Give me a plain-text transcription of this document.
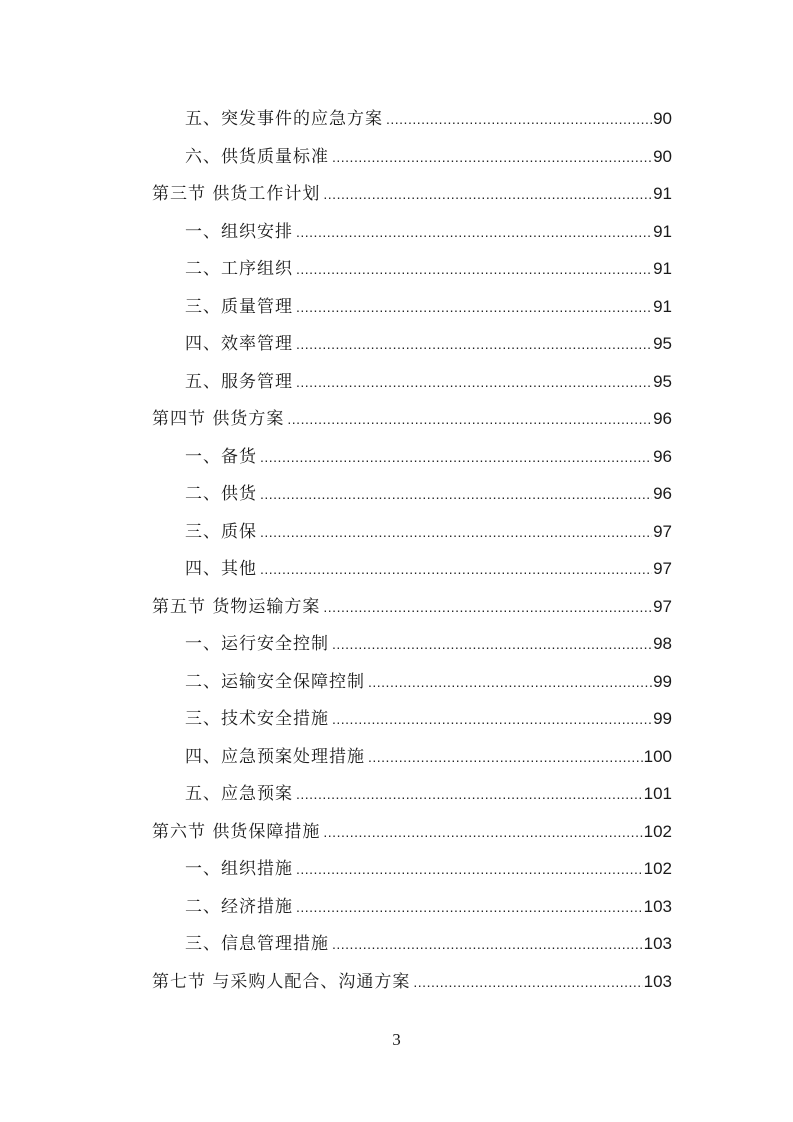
五、突发事件的应急方案 .....	90
六、供货质量标准 .....	90
第三节 供货工作计划 .....	91
一、组织安排 .....	91
二、工序组织 .....	91
三、质量管理 .....	91
四、效率管理 .....	95
五、服务管理 .....	95
第四节 供货方案 .....	96
一、备货 .....	96
二、供货 .....	96
三、质保 .....	97
四、其他 .....	97
第五节 货物运输方案 .....	97
一、运行安全控制 .....	98
二、运输安全保障控制 .....	99
三、技术安全措施 .....	99
四、应急预案处理措施 .....	100
五、应急预案 .....	101
第六节 供货保障措施 .....	102
一、组织措施 .....	102
二、经济措施 .....	103
三、信息管理措施 .....	103
第七节 与采购人配合、沟通方案 .....	103
3
